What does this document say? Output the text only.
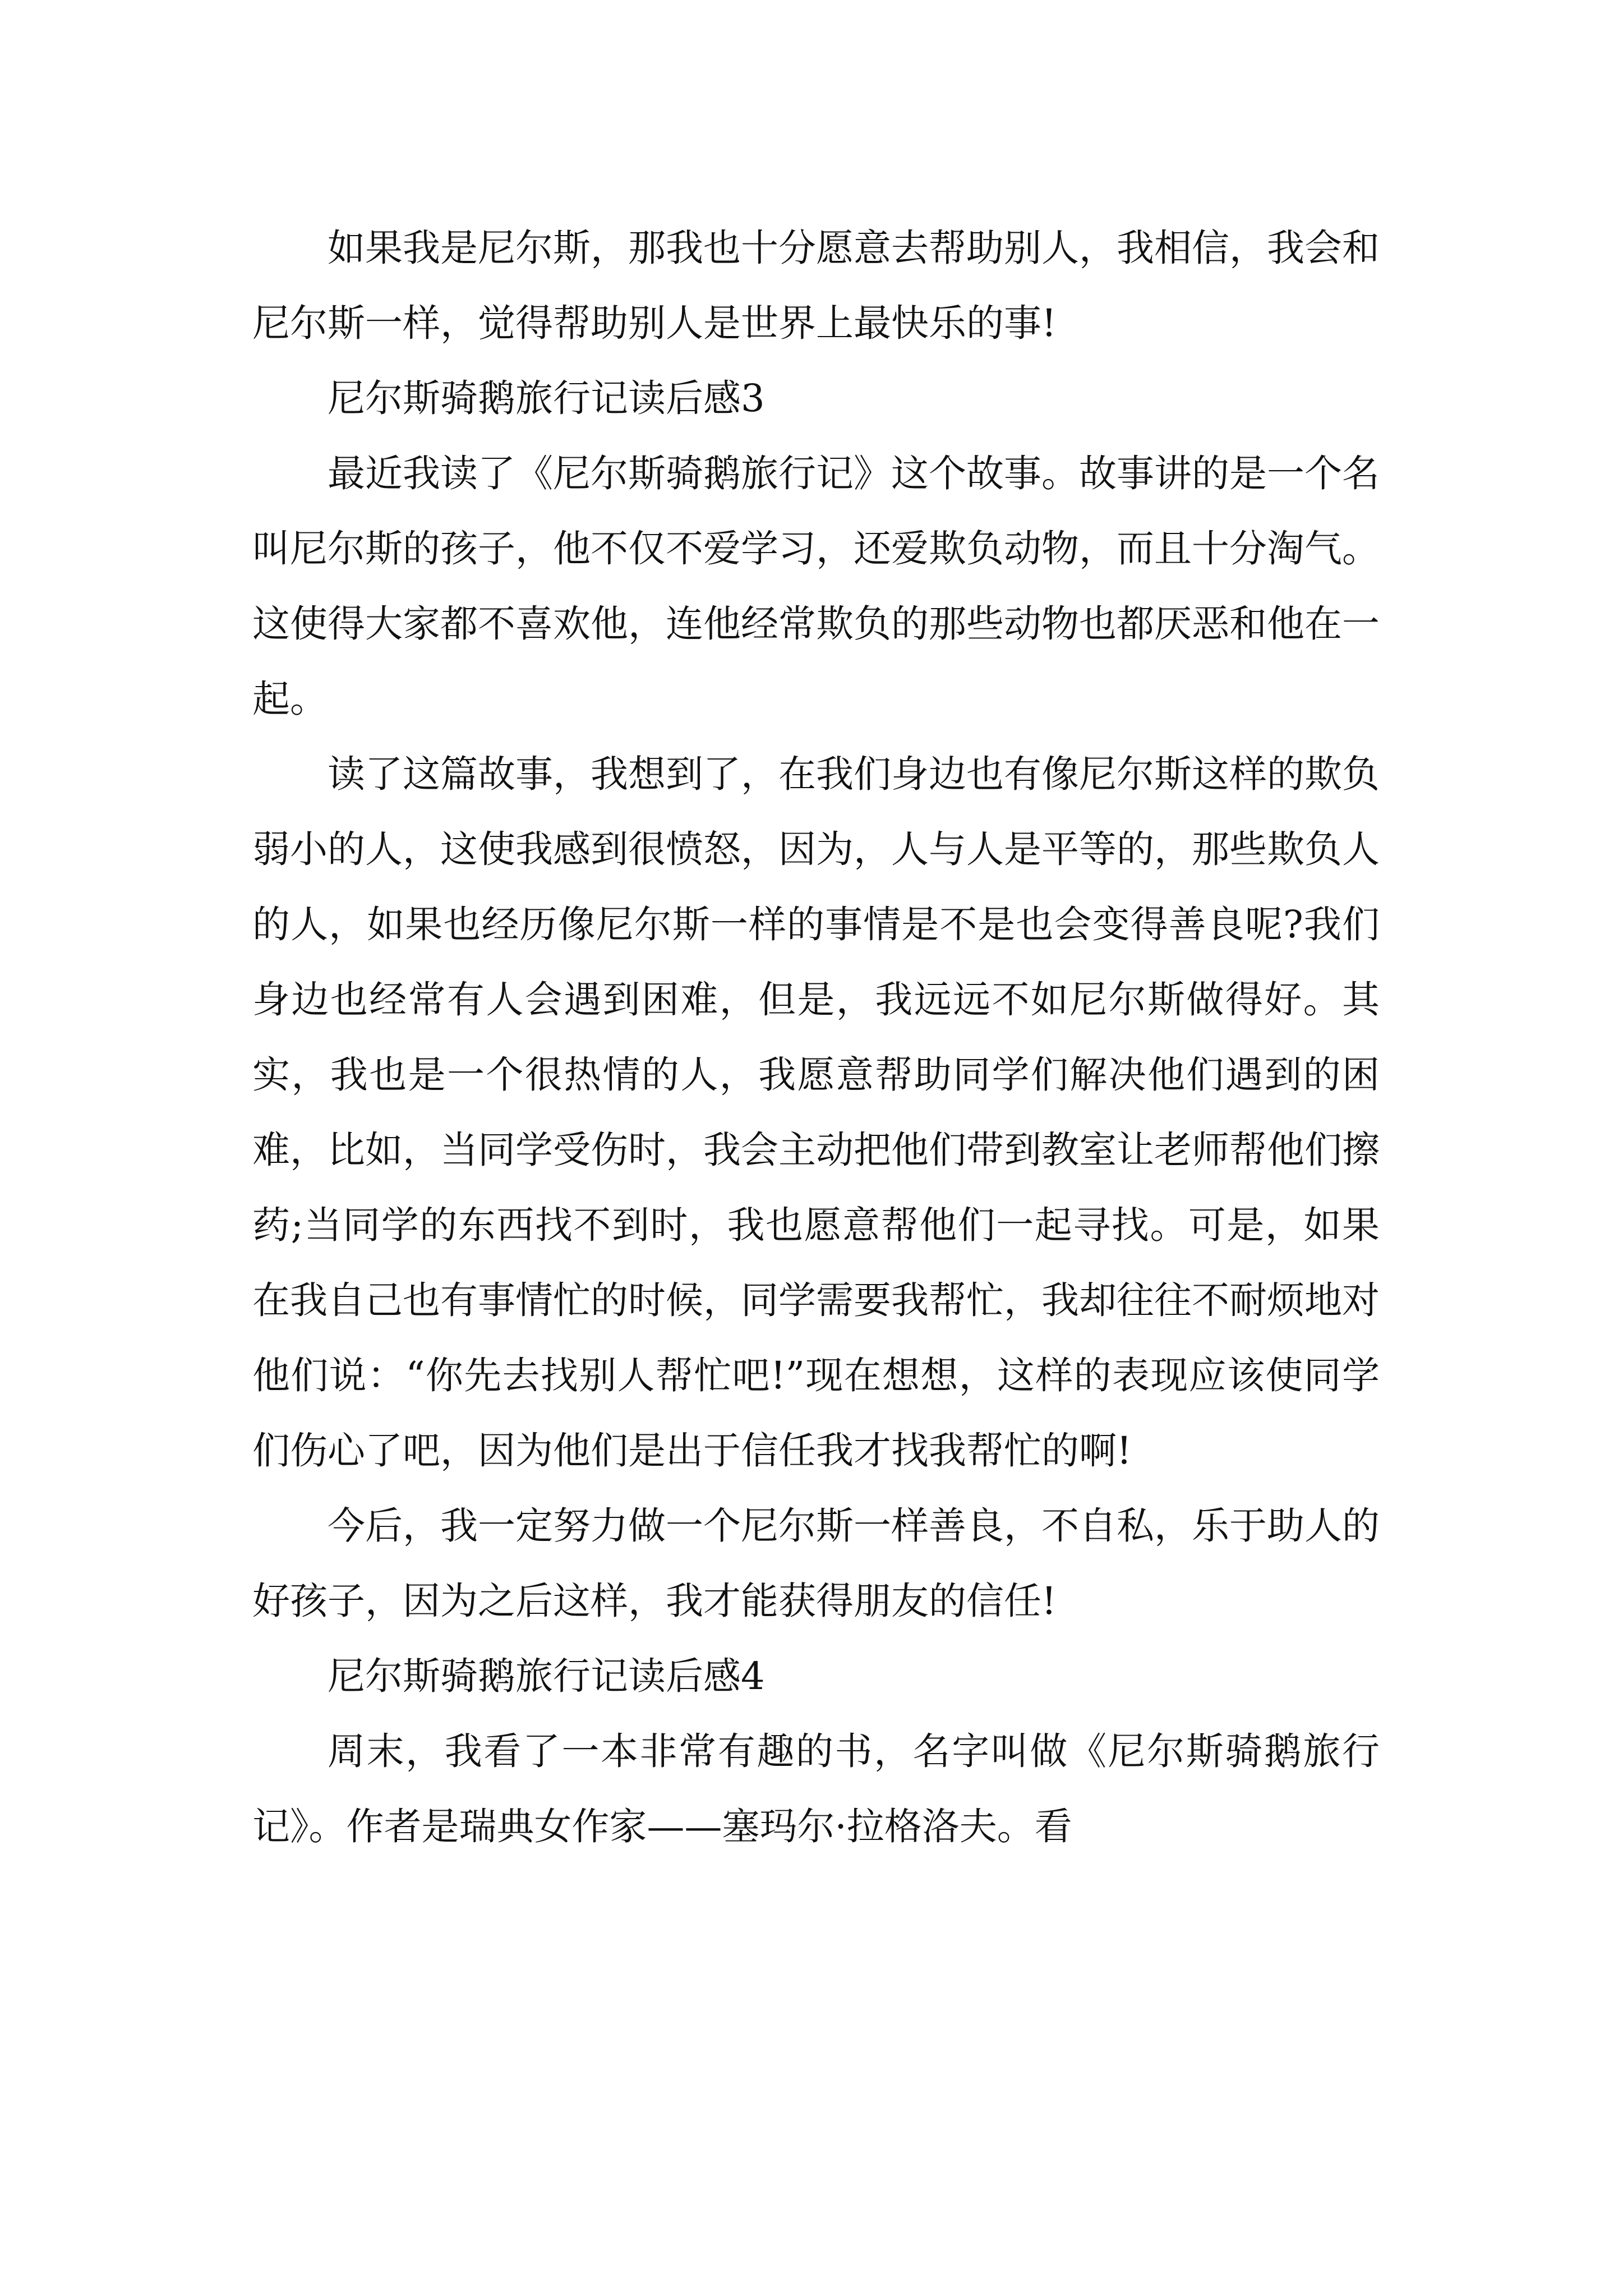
如果我是尼尔斯，那我也十分愿意去帮助别人，我相信，我会和尼尔斯一样，觉得帮助别人是世界上最快乐的事!

尼尔斯骑鹅旅行记读后感3

最近我读了《尼尔斯骑鹅旅行记》这个故事。故事讲的是一个名叫尼尔斯的孩子，他不仅不爱学习，还爱欺负动物，而且十分淘气。这使得大家都不喜欢他，连他经常欺负的那些动物也都厌恶和他在一起。

读了这篇故事，我想到了，在我们身边也有像尼尔斯这样的欺负弱小的人，这使我感到很愤怒，因为，人与人是平等的，那些欺负人的人，如果也经历像尼尔斯一样的事情是不是也会变得善良呢?我们身边也经常有人会遇到困难，但是，我远远不如尼尔斯做得好。其实，我也是一个很热情的人，我愿意帮助同学们解决他们遇到的困难，比如，当同学受伤时，我会主动把他们带到教室让老师帮他们擦药;当同学的东西找不到时，我也愿意帮他们一起寻找。可是，如果在我自己也有事情忙的时候，同学需要我帮忙，我却往往不耐烦地对他们说：“你先去找别人帮忙吧!”现在想想，这样的表现应该使同学们伤心了吧，因为他们是出于信任我才找我帮忙的啊!

今后，我一定努力做一个尼尔斯一样善良，不自私，乐于助人的好孩子，因为之后这样，我才能获得朋友的信任!

尼尔斯骑鹅旅行记读后感4

周末，我看了一本非常有趣的书，名字叫做《尼尔斯骑鹅旅行记》。作者是瑞典女作家——塞玛尔·拉格洛夫。看
